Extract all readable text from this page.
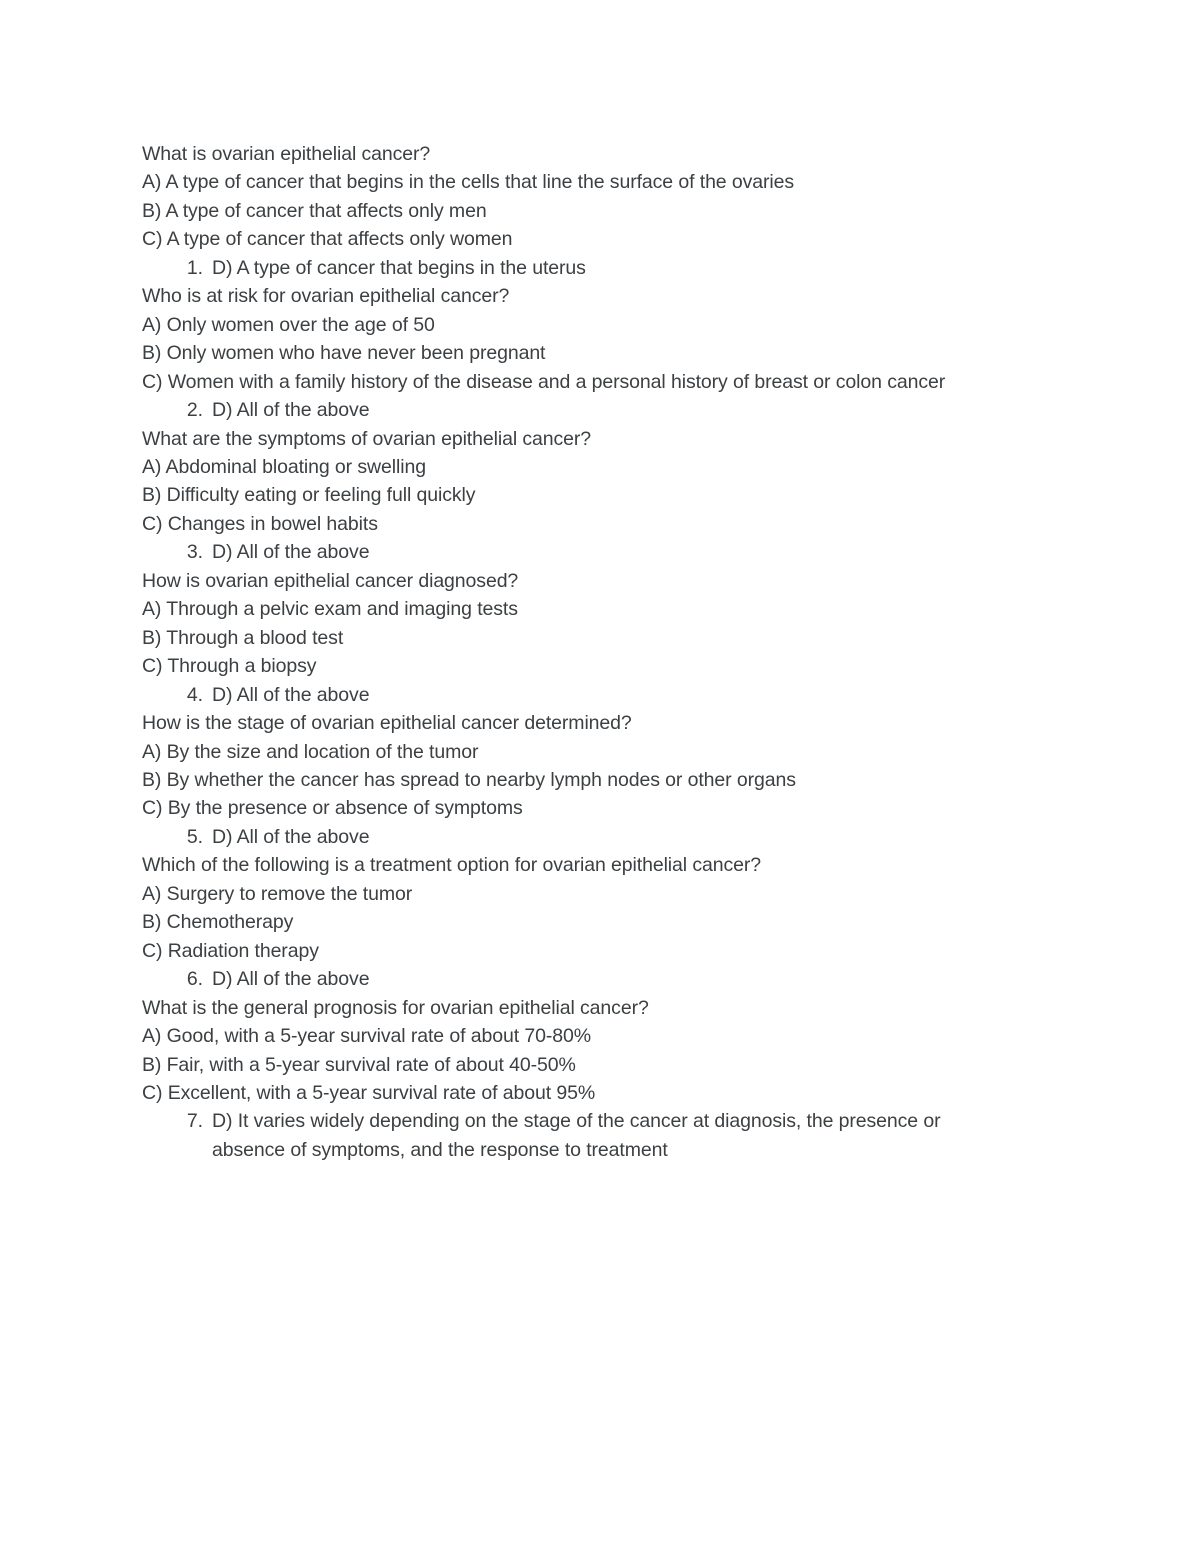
What is ovarian epithelial cancer?

A) A type of cancer that begins in the cells that line the surface of the ovaries

B) A type of cancer that affects only men

C) A type of cancer that affects only women

1. D) A type of cancer that begins in the uterus

Who is at risk for ovarian epithelial cancer?

A) Only women over the age of 50

B) Only women who have never been pregnant

C) Women with a family history of the disease and a personal history of breast or colon cancer

2. D) All of the above

What are the symptoms of ovarian epithelial cancer?

A) Abdominal bloating or swelling

B) Difficulty eating or feeling full quickly

C) Changes in bowel habits

3. D) All of the above

How is ovarian epithelial cancer diagnosed?

A) Through a pelvic exam and imaging tests

B) Through a blood test

C) Through a biopsy

4. D) All of the above

How is the stage of ovarian epithelial cancer determined?

A) By the size and location of the tumor

B) By whether the cancer has spread to nearby lymph nodes or other organs

C) By the presence or absence of symptoms

5. D) All of the above

Which of the following is a treatment option for ovarian epithelial cancer?

A) Surgery to remove the tumor

B) Chemotherapy

C) Radiation therapy

6. D) All of the above

What is the general prognosis for ovarian epithelial cancer?

A) Good, with a 5-year survival rate of about 70-80%

B) Fair, with a 5-year survival rate of about 40-50%

C) Excellent, with a 5-year survival rate of about 95%

7. D) It varies widely depending on the stage of the cancer at diagnosis, the presence or absence of symptoms, and the response to treatment
